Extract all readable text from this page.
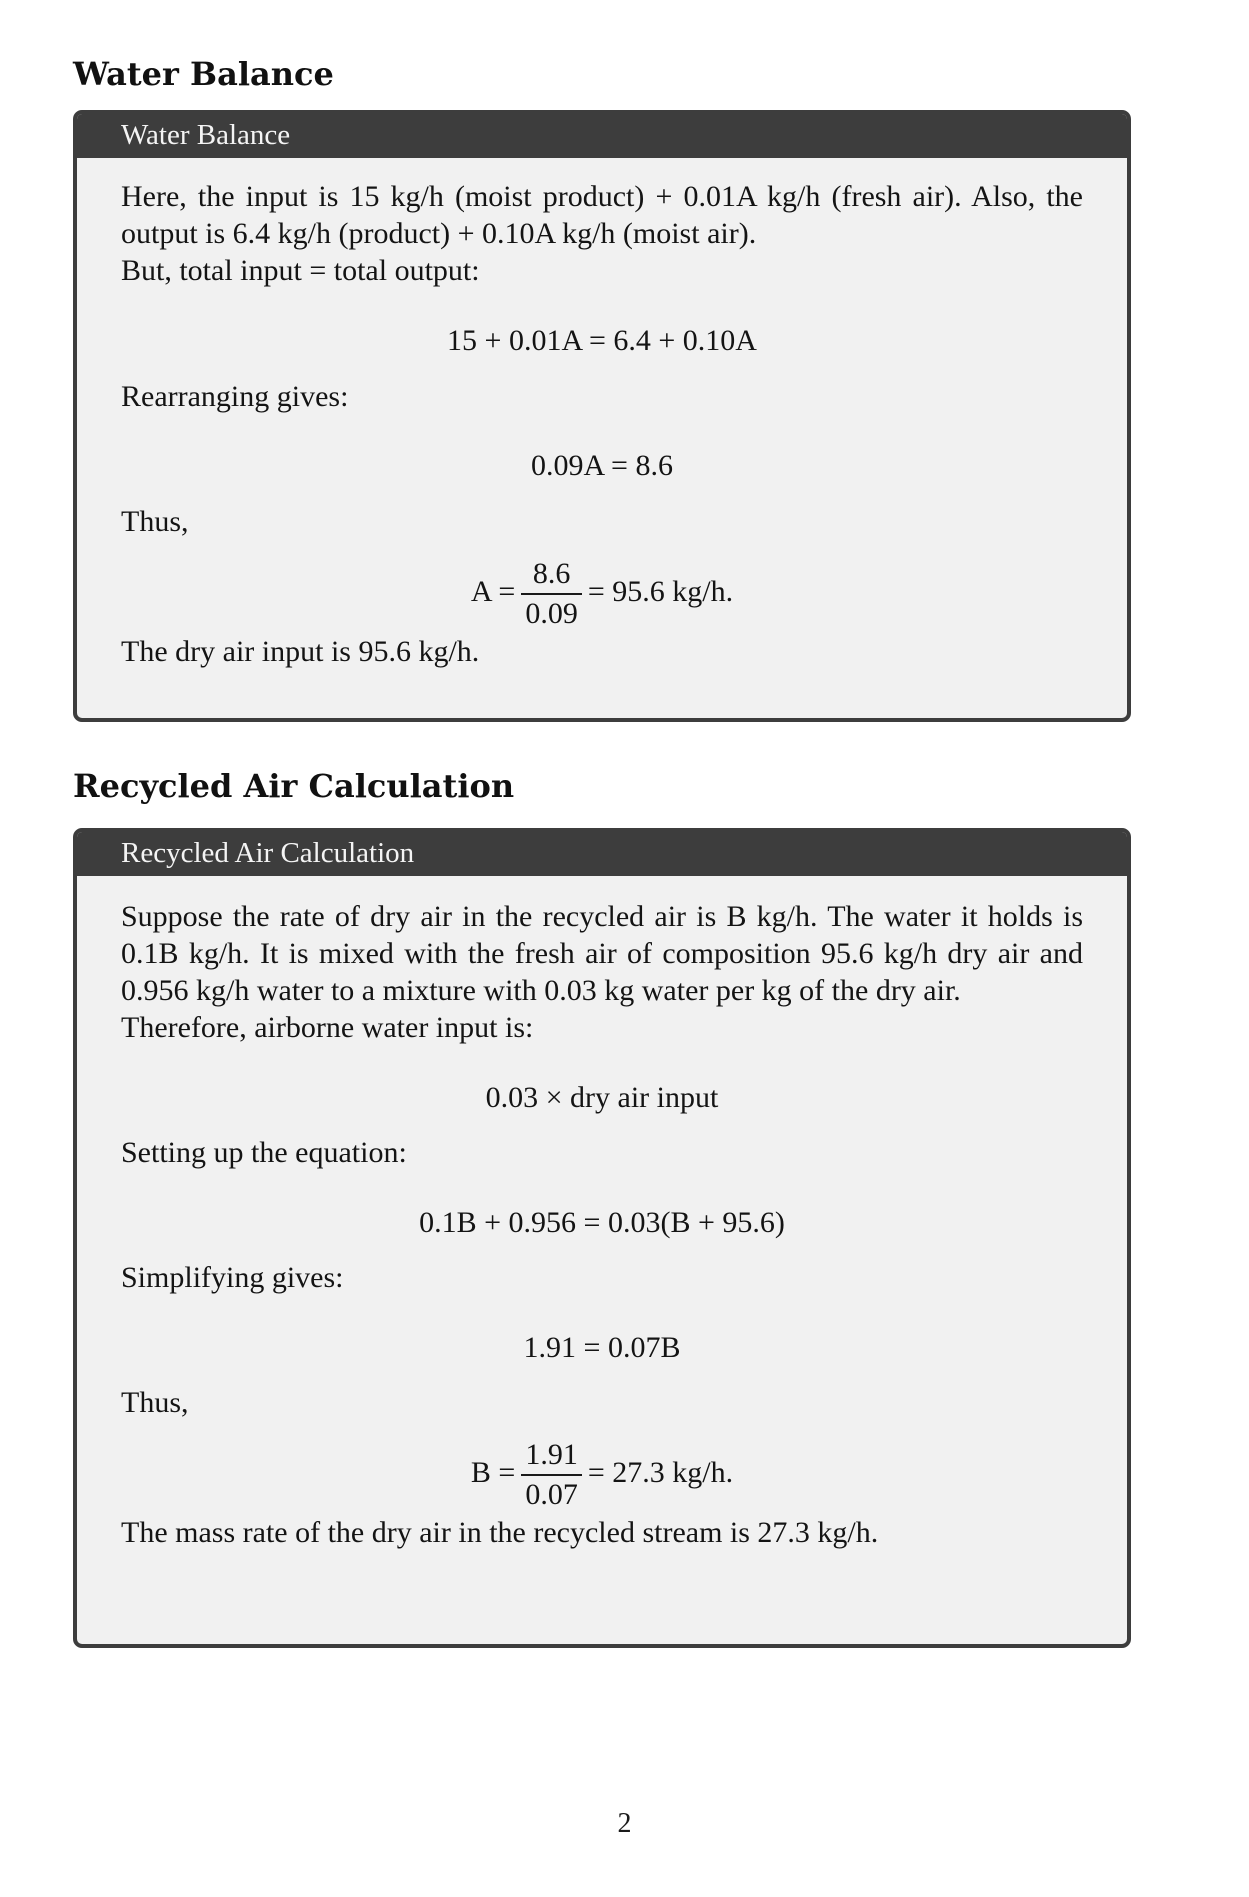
Water Balance
Water Balance

Here, the input is 15 kg/h (moist product) + 0.01A kg/h (fresh air). Also, the output is 6.4 kg/h (product) + 0.10A kg/h (moist air).

But, total input = total output:

15 + 0.01A = 6.4 + 0.10A

Rearranging gives:

0.09A = 8.6

Thus,

$A = \frac{8.6}{0.09} = 95.6$ kg/h.

The dry air input is 95.6 kg/h.

Recycled Air Calculation
Recycled Air Calculation

Suppose the rate of dry air in the recycled air is B kg/h. The water it holds is 0.1B kg/h. It is mixed with the fresh air of composition 95.6 kg/h dry air and 0.956 kg/h water to a mixture with 0.03 kg water per kg of the dry air.

Therefore, airborne water input is:

0.03 × dry air input

Setting up the equation:

0.1B + 0.956 = 0.03(B + 95.6)

Simplifying gives:

1.91 = 0.07B

Thus,

$B = \frac{1.91}{0.07} = 27.3$ kg/h.

The mass rate of the dry air in the recycled stream is 27.3 kg/h.

2
